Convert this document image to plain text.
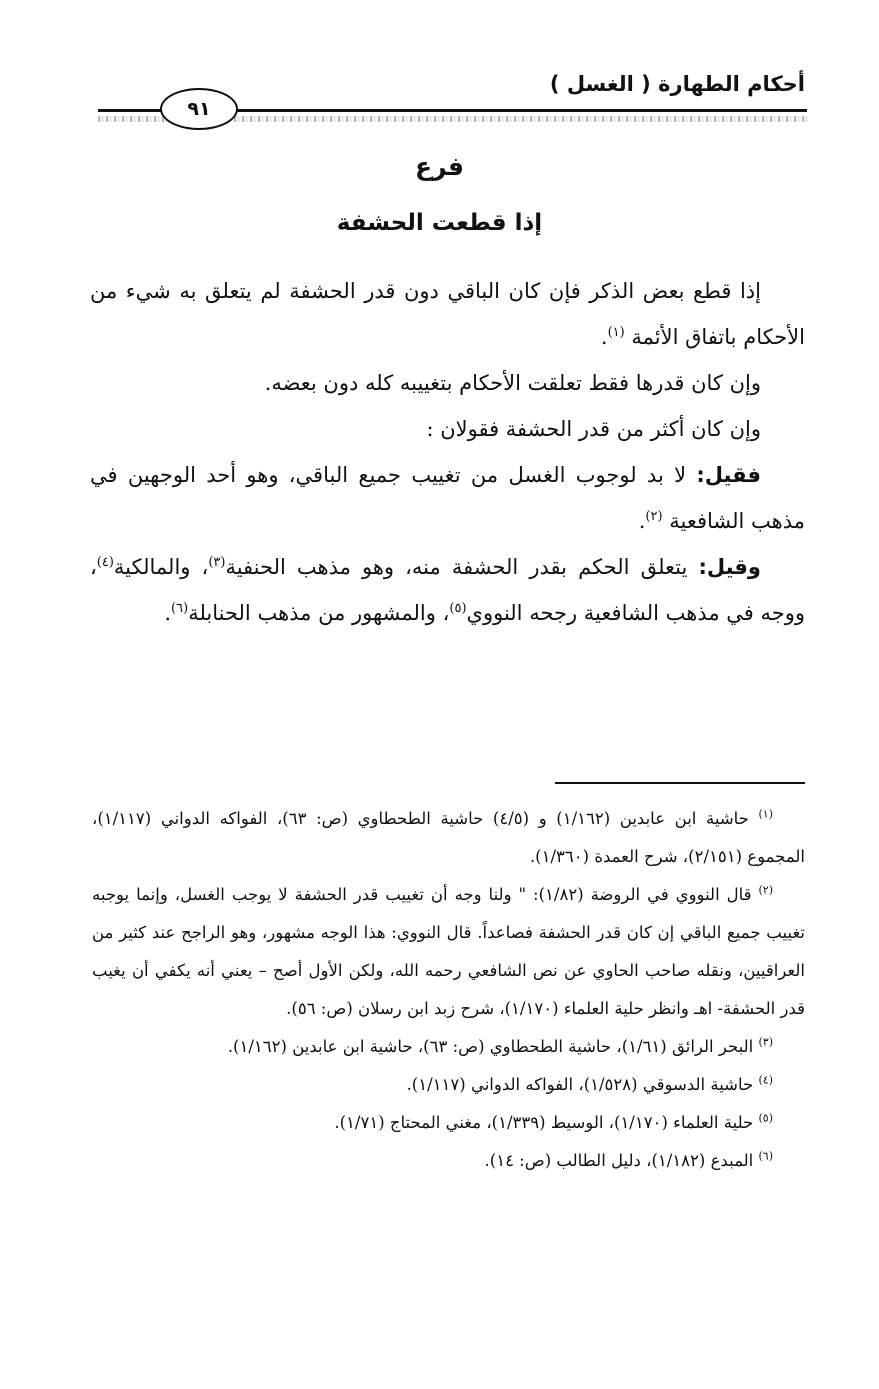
أحكام الطهارة ( الغسل )
٩١
فرع
إذا قطعت الحشفة

إذا قطع بعض الذكر فإن كان الباقي دون قدر الحشفة لم يتعلق به شيء من الأحكام باتفاق الأئمة $^{(١)}$.

وإن كان قدرها فقط تعلقت الأحكام بتغييبه كله دون بعضه.

وإن كان أكثر من قدر الحشفة فقولان :

فقيل: لا بد لوجوب الغسل من تغييب جميع الباقي، وهو أحد الوجهين في مذهب الشافعية $^{(٢)}$.

وقيل: يتعلق الحكم بقدر الحشفة منه، وهو مذهب الحنفية$^{(٣)}$، والمالكية$^{(٤)}$، ووجه في مذهب الشافعية رجحه النووي$^{(٥)}$، والمشهور من مذهب الحنابلة$^{(٦)}$.

$^{(١)}$ حاشية ابن عابدين (١/١٦٢) و (٤/٥) حاشية الطحطاوي (ص: ٦٣)، الفواكه الدواني (١/١١٧)، المجموع (٢/١٥١)، شرح العمدة (١/٣٦٠).

$^{(٢)}$ قال النووي في الروضة (١/٨٢): " ولنا وجه أن تغييب قدر الحشفة لا يوجب الغسل، وإنما يوجبه تغييب جميع الباقي إن كان قدر الحشفة فصاعداً. قال النووي: هذا الوجه مشهور، وهو الراجح عند كثير من العراقيين، ونقله صاحب الحاوي عن نص الشافعي رحمه الله، ولكن الأول أصح – يعني أنه يكفي أن يغيب قدر الحشفة- اهـ وانظر حلية العلماء (١/١٧٠)، شرح زبد ابن رسلان (ص: ٥٦).

$^{(٣)}$ البحر الرائق (١/٦١)، حاشية الطحطاوي (ص: ٦٣)، حاشية ابن عابدين (١/١٦٢).

$^{(٤)}$ حاشية الدسوقي (١/٥٢٨)، الفواكه الدواني (١/١١٧).

$^{(٥)}$ حلية العلماء (١/١٧٠)، الوسيط (١/٣٣٩)، مغني المحتاج (١/٧١).

$^{(٦)}$ المبدع (١/١٨٢)، دليل الطالب (ص: ١٤).
